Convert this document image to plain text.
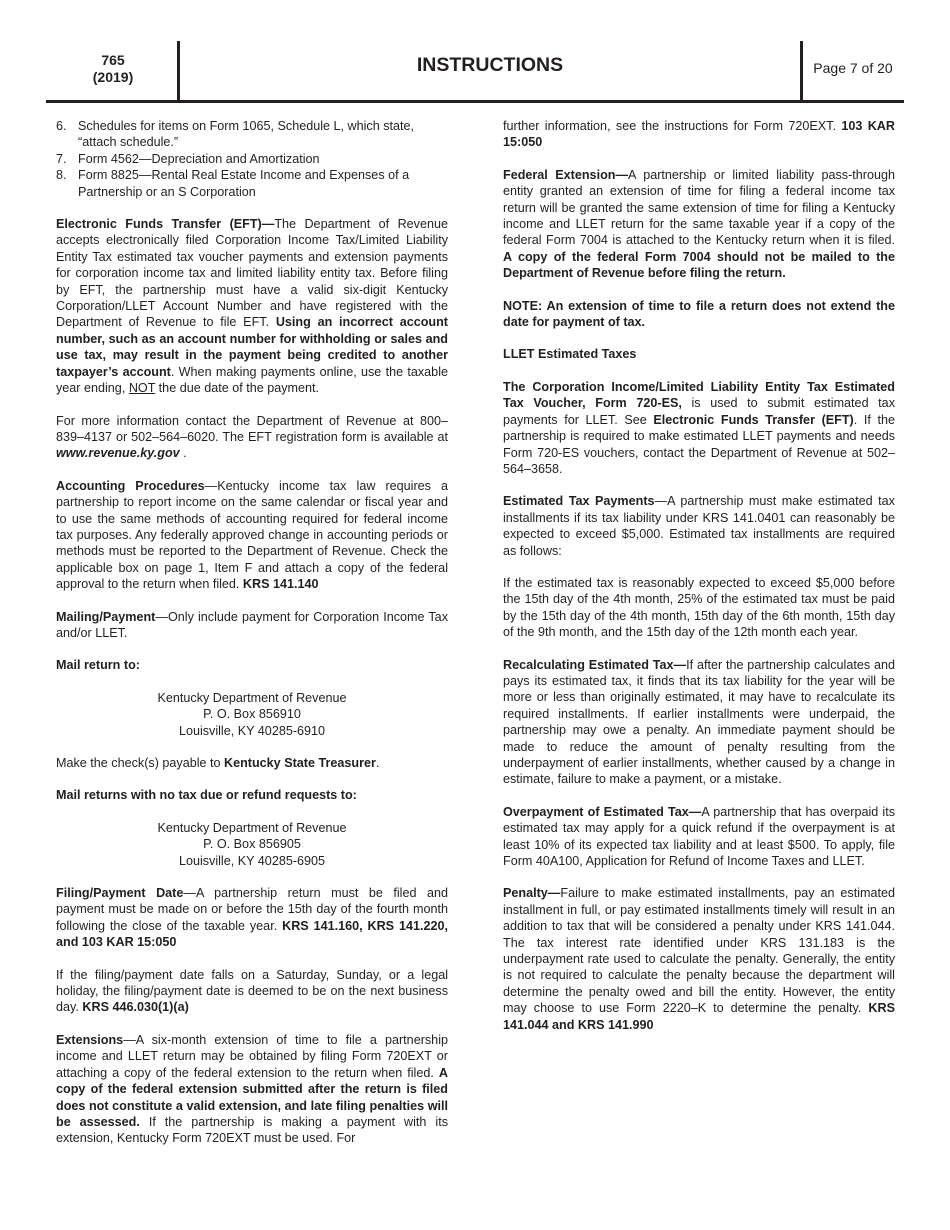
765
(2019)
INSTRUCTIONS	Page 7 of 20
6. Schedules for items on Form 1065, Schedule L, which state, “attach schedule.”
7. Form 4562—Depreciation and Amortization
8. Form 8825—Rental Real Estate Income and Expenses of a Partnership or an S Corporation

Electronic Funds Transfer (EFT)—The Department of Revenue accepts electronically filed Corporation Income Tax/Limited Liability Entity Tax estimated tax voucher payments and extension payments for corporation income tax and limited liability entity tax. Before filing by EFT, the partnership must have a valid six-digit Kentucky Corporation/LLET Account Number and have registered with the Department of Revenue to file EFT. Using an incorrect account number, such as an account number for withholding or sales and use tax, may result in the payment being credited to another taxpayer’s account. When making payments online, use the taxable year ending, NOT the due date of the payment.

For more information contact the Department of Revenue at 800–839–4137 or 502–564–6020. The EFT registration form is available at www.revenue.ky.gov .

Accounting Procedures—Kentucky income tax law requires a partnership to report income on the same calendar or fiscal year and to use the same methods of accounting required for federal income tax purposes. Any federally approved change in accounting periods or methods must be reported to the Department of Revenue. Check the applicable box on page 1, Item F and attach a copy of the federal approval to the return when filed. KRS 141.140

Mailing/Payment—Only include payment for Corporation Income Tax and/or LLET.

Mail return to:

Kentucky Department of Revenue
P. O. Box 856910
Louisville, KY 40285-6910

Make the check(s) payable to Kentucky State Treasurer.

Mail returns with no tax due or refund requests to:

Kentucky Department of Revenue
P. O. Box 856905
Louisville, KY 40285-6905

Filing/Payment Date—A partnership return must be filed and payment must be made on or before the 15th day of the fourth month following the close of the taxable year. KRS 141.160, KRS 141.220, and 103 KAR 15:050

If the filing/payment date falls on a Saturday, Sunday, or a legal holiday, the filing/payment date is deemed to be on the next business day. KRS 446.030(1)(a)

Extensions—A six-month extension of time to file a partnership income and LLET return may be obtained by filing Form 720EXT or attaching a copy of the federal extension to the return when filed. A copy of the federal extension submitted after the return is filed does not constitute a valid extension, and late filing penalties will be assessed. If the partnership is making a payment with its extension, Kentucky Form 720EXT must be used. For

further information, see the instructions for Form 720EXT. 103 KAR 15:050

Federal Extension—A partnership or limited liability pass-through entity granted an extension of time for filing a federal income tax return will be granted the same extension of time for filing a Kentucky income and LLET return for the same taxable year if a copy of the federal Form 7004 is attached to the Kentucky return when it is filed. A copy of the federal Form 7004 should not be mailed to the Department of Revenue before filing the return.

NOTE: An extension of time to file a return does not extend the date for payment of tax.

LLET Estimated Taxes

The Corporation Income/Limited Liability Entity Tax Estimated Tax Voucher, Form 720-ES, is used to submit estimated tax payments for LLET. See Electronic Funds Transfer (EFT). If the partnership is required to make estimated LLET payments and needs Form 720-ES vouchers, contact the Department of Revenue at 502–564–3658.

Estimated Tax Payments—A partnership must make estimated tax installments if its tax liability under KRS 141.0401 can reasonably be expected to exceed $5,000. Estimated tax installments are required as follows:

If the estimated tax is reasonably expected to exceed $5,000 before the 15th day of the 4th month, 25% of the estimated tax must be paid by the 15th day of the 4th month, 15th day of the 6th month, 15th day of the 9th month, and the 15th day of the 12th month each year.

Recalculating Estimated Tax—If after the partnership calculates and pays its estimated tax, it finds that its tax liability for the year will be more or less than originally estimated, it may have to recalculate its required installments. If earlier installments were underpaid, the partnership may owe a penalty. An immediate payment should be made to reduce the amount of penalty resulting from the underpayment of earlier installments, whether caused by a change in estimate, failure to make a payment, or a mistake.

Overpayment of Estimated Tax—A partnership that has overpaid its estimated tax may apply for a quick refund if the overpayment is at least 10% of its expected tax liability and at least $500. To apply, file Form 40A100, Application for Refund of Income Taxes and LLET.

Penalty—Failure to make estimated installments, pay an estimated installment in full, or pay estimated installments timely will result in an addition to tax that will be considered a penalty under KRS 141.044. The tax interest rate identified under KRS 131.183 is the underpayment rate used to calculate the penalty. Generally, the entity is not required to calculate the penalty because the department will determine the penalty owed and bill the entity. However, the entity may choose to use Form 2220–K to determine the penalty. KRS 141.044 and KRS 141.990
